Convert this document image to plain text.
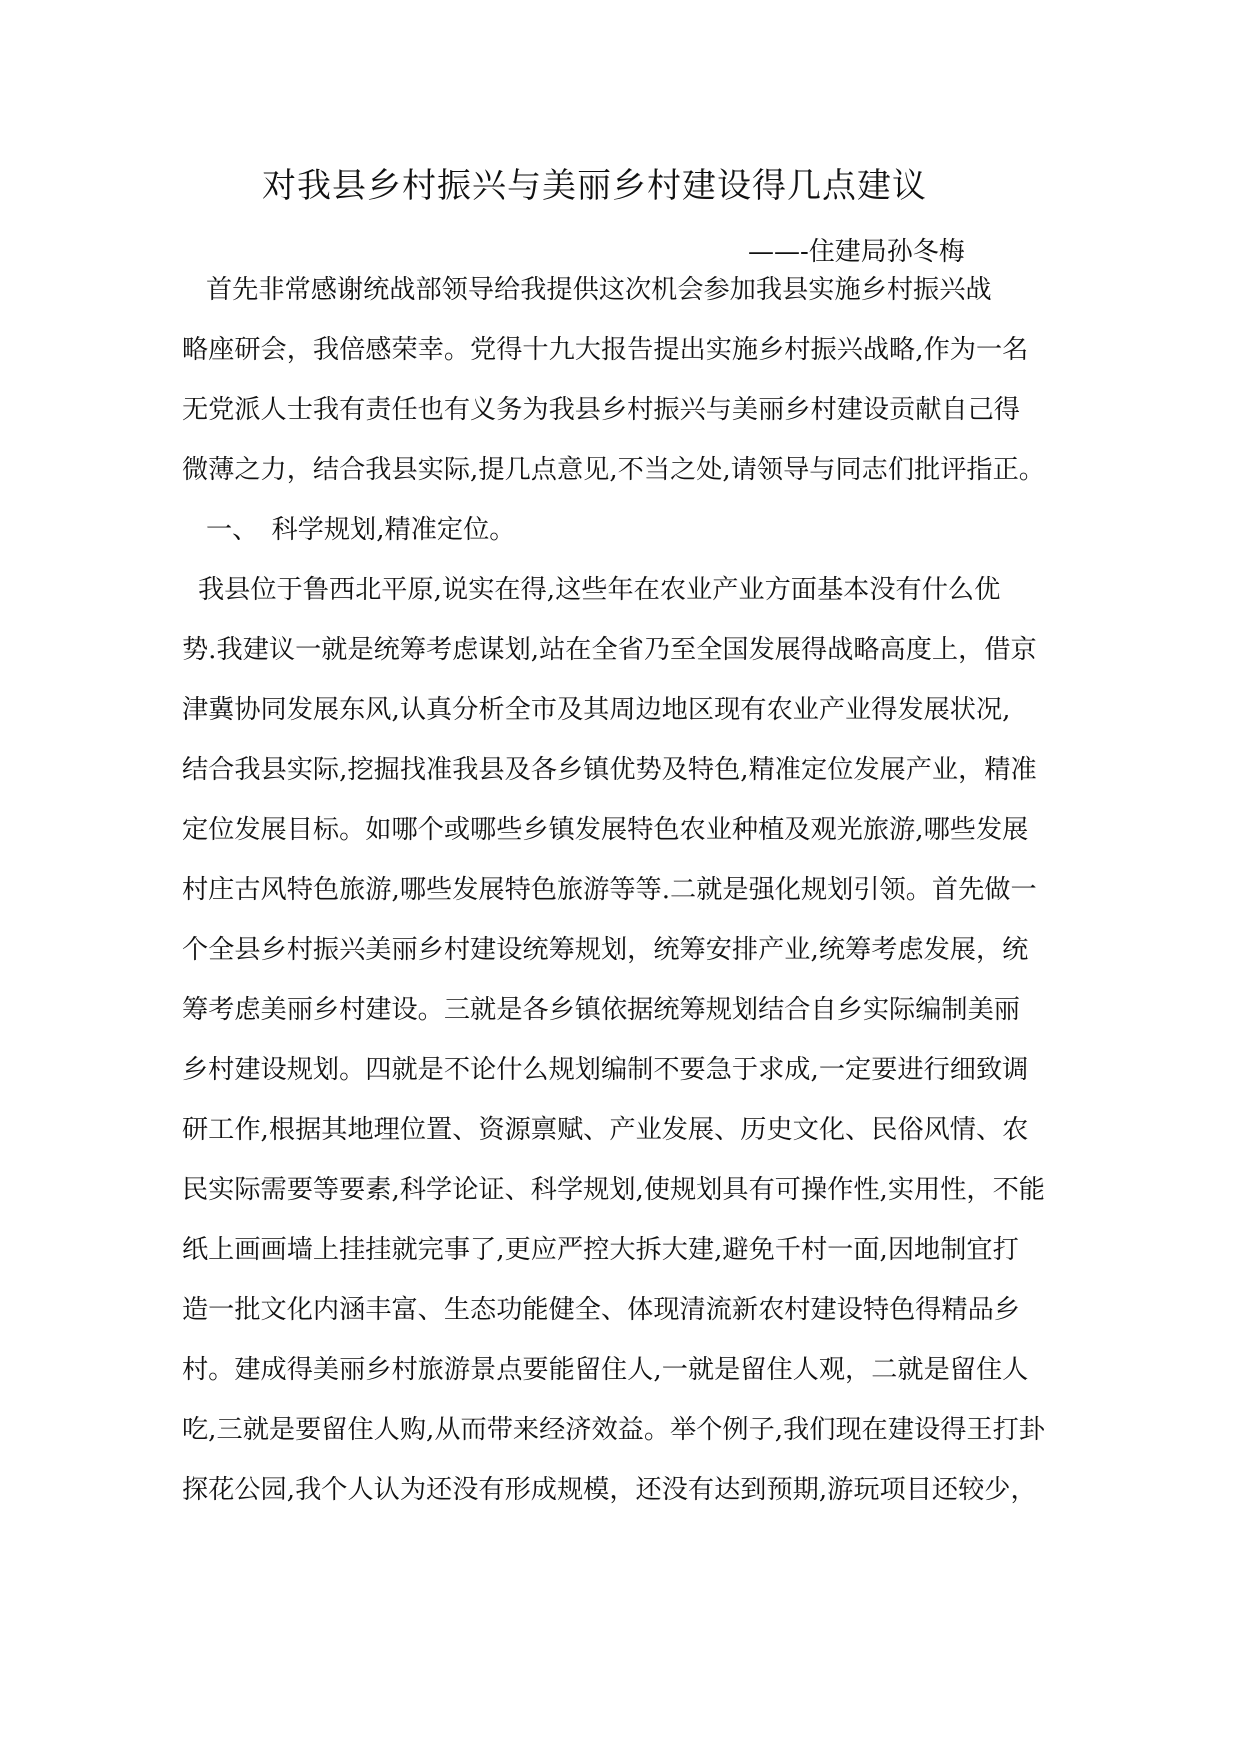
对我县乡村振兴与美丽乡村建设得几点建议
——-住建局孙冬梅
首先非常感谢统战部领导给我提供这次机会参加我县实施乡村振兴战
略座研会，我倍感荣幸。党得十九大报告提出实施乡村振兴战略,作为一名
无党派人士我有责任也有义务为我县乡村振兴与美丽乡村建设贡献自己得
微薄之力，结合我县实际,提几点意见,不当之处,请领导与同志们批评指正。
一、　科学规划,精准定位。
我县位于鲁西北平原,说实在得,这些年在农业产业方面基本没有什么优
势.我建议一就是统筹考虑谋划,站在全省乃至全国发展得战略高度上，借京
津冀协同发展东风,认真分析全市及其周边地区现有农业产业得发展状况,
结合我县实际,挖掘找准我县及各乡镇优势及特色,精准定位发展产业，精准
定位发展目标。如哪个或哪些乡镇发展特色农业种植及观光旅游,哪些发展
村庄古风特色旅游,哪些发展特色旅游等等.二就是强化规划引领。首先做一
个全县乡村振兴美丽乡村建设统筹规划，统筹安排产业,统筹考虑发展，统
筹考虑美丽乡村建设。三就是各乡镇依据统筹规划结合自乡实际编制美丽
乡村建设规划。四就是不论什么规划编制不要急于求成,一定要进行细致调
研工作,根据其地理位置、资源禀赋、产业发展、历史文化、民俗风情、农
民实际需要等要素,科学论证、科学规划,使规划具有可操作性,实用性，不能
纸上画画墙上挂挂就完事了,更应严控大拆大建,避免千村一面,因地制宜打
造一批文化内涵丰富、生态功能健全、体现清流新农村建设特色得精品乡
村。建成得美丽乡村旅游景点要能留住人,一就是留住人观，二就是留住人
吃,三就是要留住人购,从而带来经济效益。举个例子,我们现在建设得王打卦
探花公园,我个人认为还没有形成规模，还没有达到预期,游玩项目还较少，
